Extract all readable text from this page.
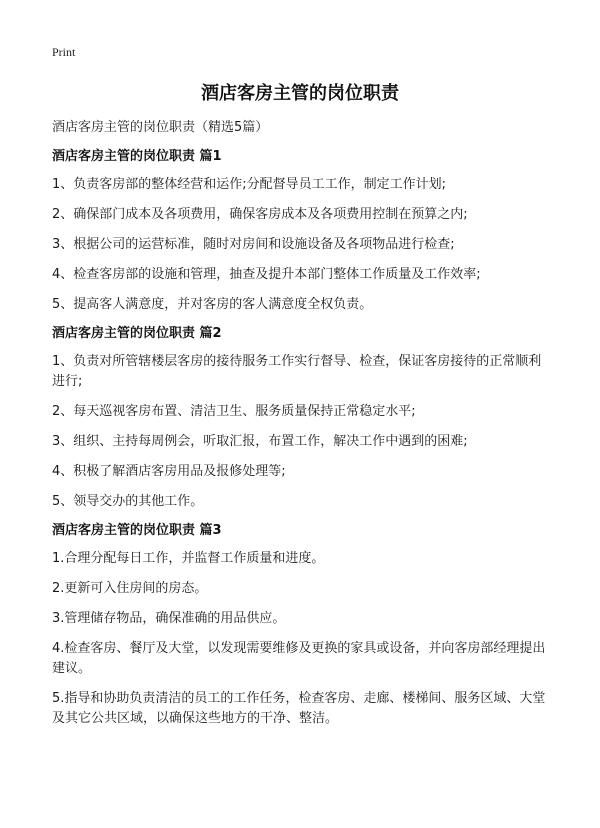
Print
酒店客房主管的岗位职责
酒店客房主管的岗位职责（精选5篇）
酒店客房主管的岗位职责 篇1
1、负责客房部的整体经营和运作;分配督导员工工作，制定工作计划;
2、确保部门成本及各项费用，确保客房成本及各项费用控制在预算之内;
3、根据公司的运营标准，随时对房间和设施设备及各项物品进行检查;
4、检查客房部的设施和管理，抽查及提升本部门整体工作质量及工作效率;
5、提高客人满意度，并对客房的客人满意度全权负责。
酒店客房主管的岗位职责 篇2
1、负责对所管辖楼层客房的接待服务工作实行督导、检查，保证客房接待的正常顺利进行;
2、每天巡视客房布置、清洁卫生、服务质量保持正常稳定水平;
3、组织、主持每周例会，听取汇报，布置工作，解决工作中遇到的困难;
4、积极了解酒店客房用品及报修处理等;
5、领导交办的其他工作。
酒店客房主管的岗位职责 篇3
1.合理分配每日工作，并监督工作质量和进度。
2.更新可入住房间的房态。
3.管理储存物品，确保准确的用品供应。
4.检查客房、餐厅及大堂，以发现需要维修及更换的家具或设备，并向客房部经理提出建议。
5.指导和协助负责清洁的员工的工作任务，检查客房、走廊、楼梯间、服务区域、大堂及其它公共区域，以确保这些地方的干净、整洁。
